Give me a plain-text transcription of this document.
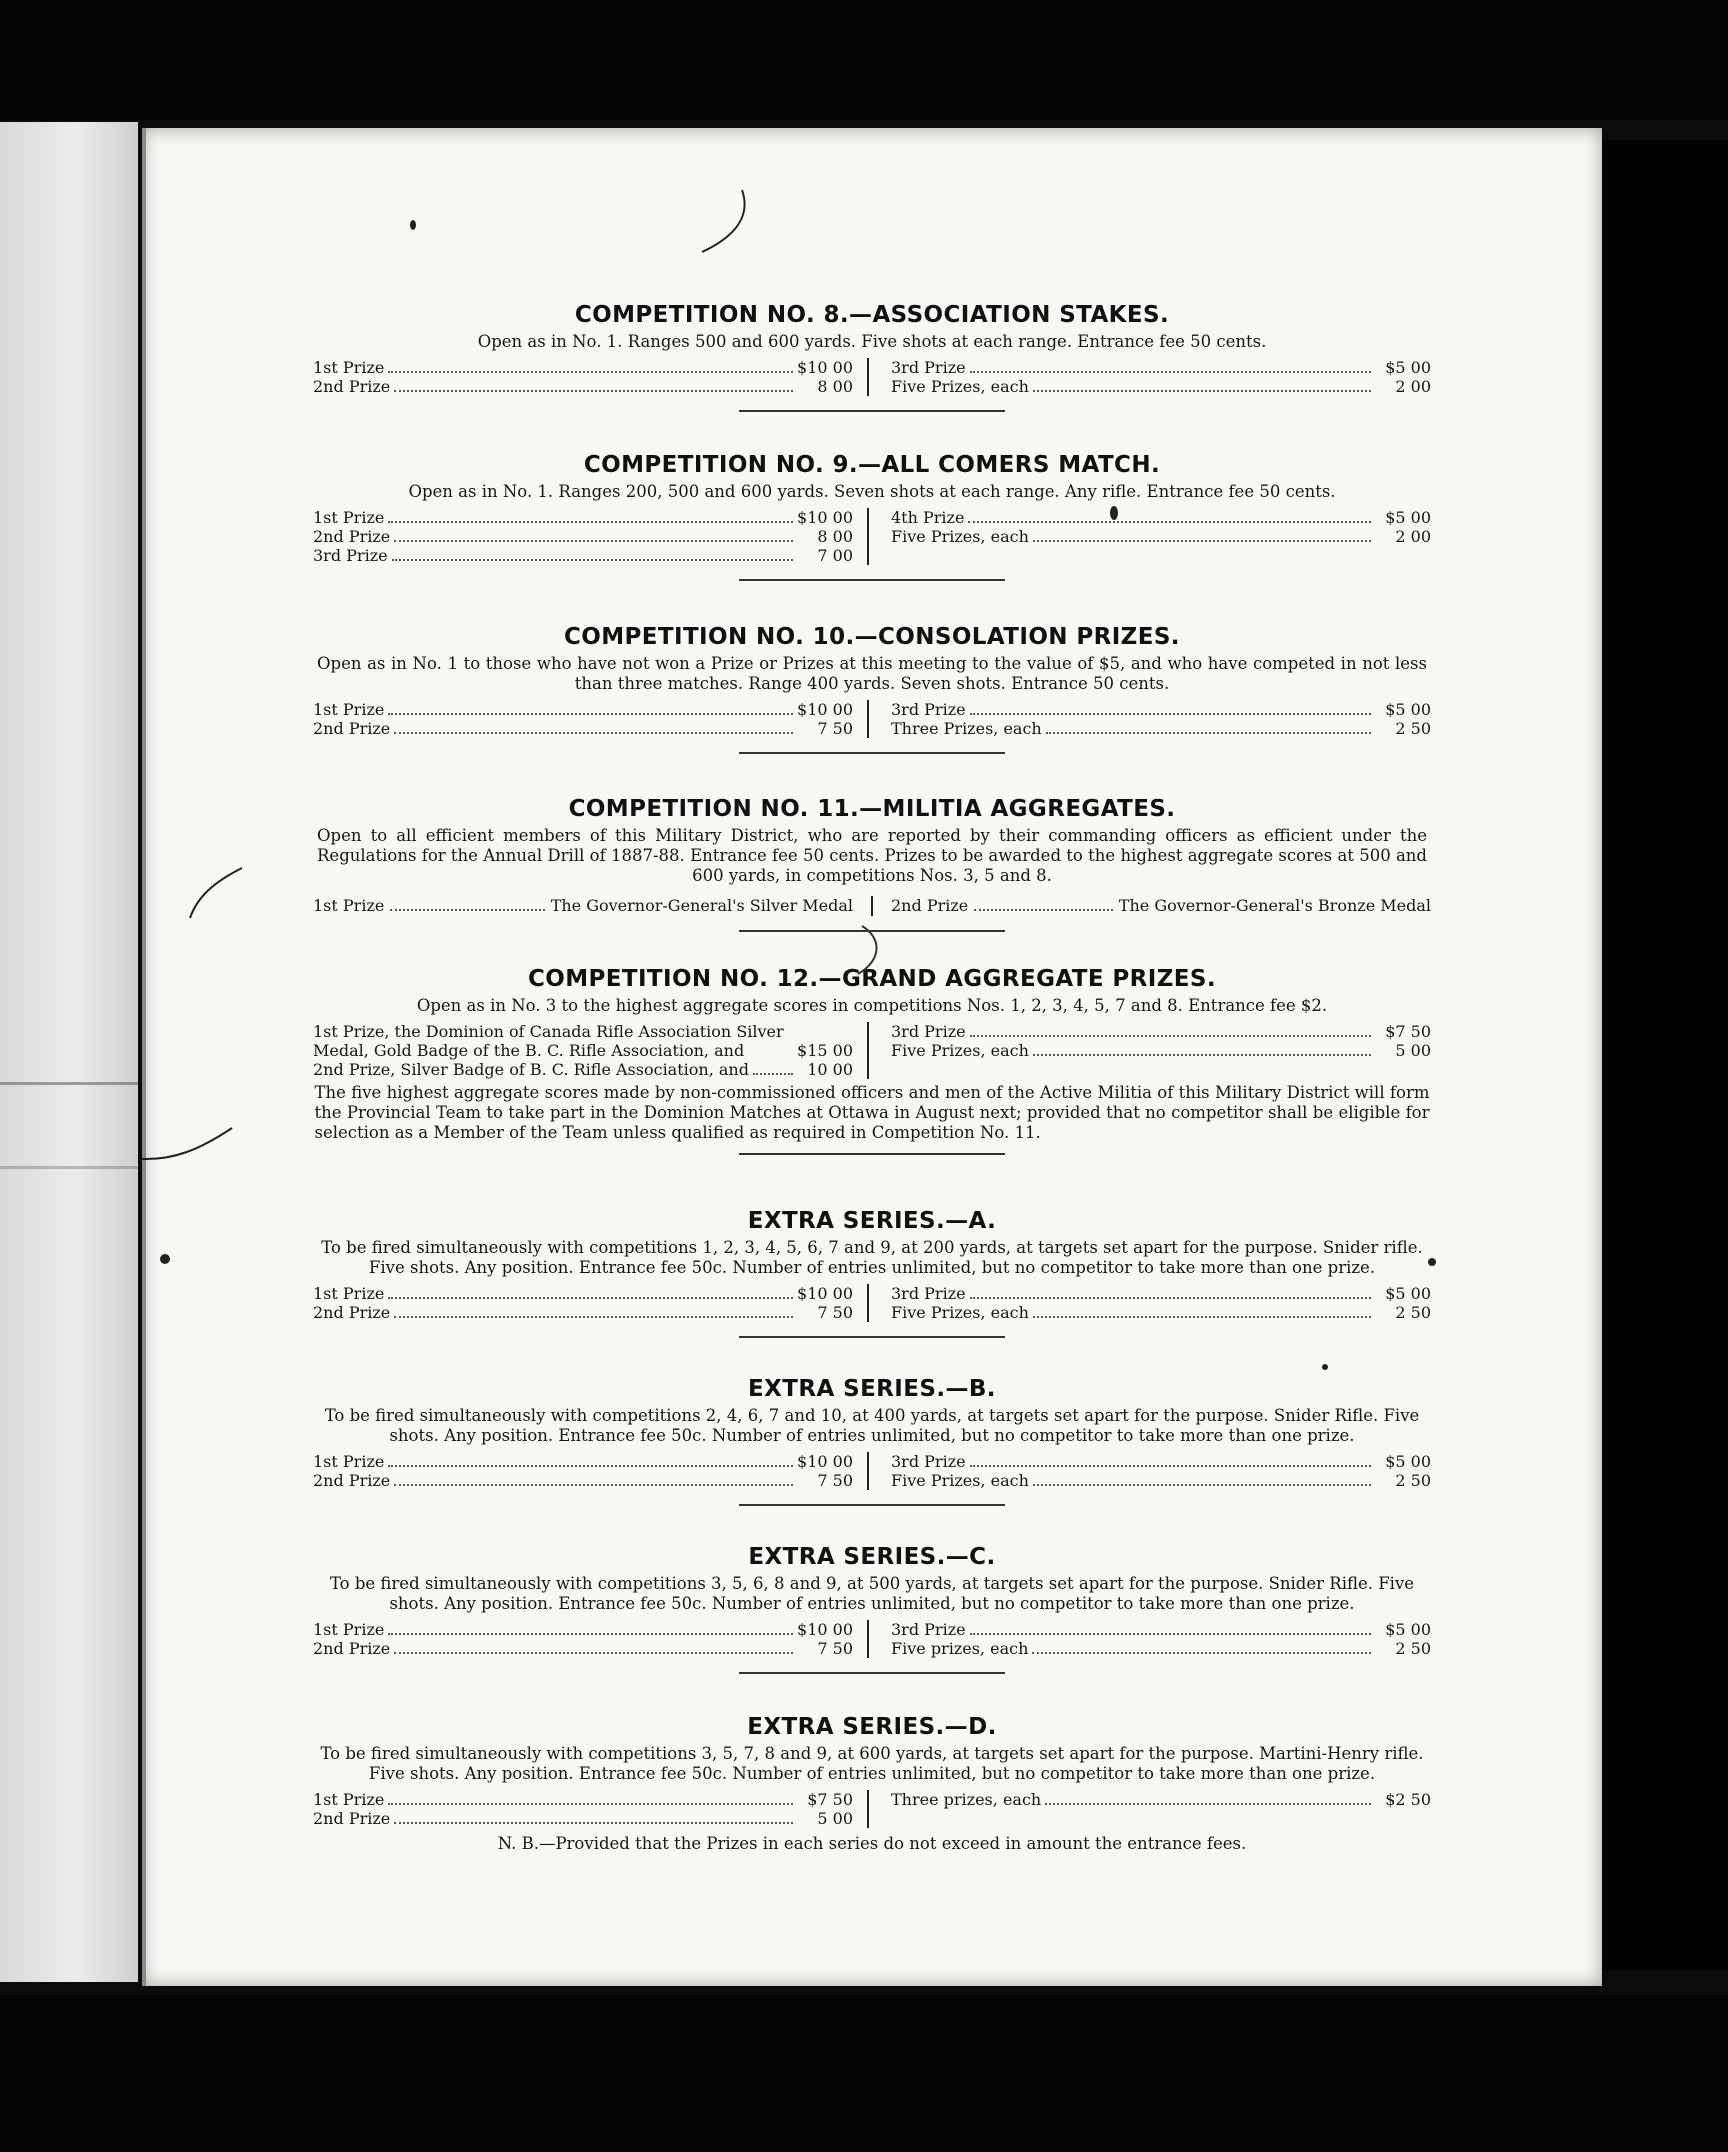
COMPETITION NO. 8.—ASSOCIATION STAKES.
Open as in No. 1. Ranges 500 and 600 yards. Five shots at each range. Entrance fee 50 cents.
1st Prize	$10 00
2nd Prize	8 00
3rd Prize	$5 00
Five Prizes, each	2 00
COMPETITION NO. 9.—ALL COMERS MATCH.
Open as in No. 1. Ranges 200, 500 and 600 yards. Seven shots at each range. Any rifle. Entrance fee 50 cents.
1st Prize	$10 00
2nd Prize	8 00
3rd Prize	7 00
4th Prize	$5 00
Five Prizes, each	2 00
COMPETITION NO. 10.—CONSOLATION PRIZES.
Open as in No. 1 to those who have not won a Prize or Prizes at this meeting to the value of $5, and who have competed in not less than three matches. Range 400 yards. Seven shots. Entrance 50 cents.
1st Prize	$10 00
2nd Prize	7 50
3rd Prize	$5 00
Three Prizes, each	2 50
COMPETITION NO. 11.—MILITIA AGGREGATES.
Open to all efficient members of this Military District, who are reported by their commanding officers as efficient under the Regulations for the Annual Drill of 1887-88. Entrance fee 50 cents. Prizes to be awarded to the highest aggregate scores at 500 and 600 yards, in competitions Nos. 3, 5 and 8.
1st Prize	The Governor-General's Silver Medal 2nd Prize	The Governor-General's Bronze Medal
COMPETITION NO. 12.—GRAND AGGREGATE PRIZES.
Open as in No. 3 to the highest aggregate scores in competitions Nos. 1, 2, 3, 4, 5, 7 and 8. Entrance fee $2.
1st Prize, the Dominion of Canada Rifle Association Silver Medal, Gold Badge of the B. C. Rifle Association, and	$15 00
2nd Prize, Silver Badge of B. C. Rifle Association, and	10 00
3rd Prize	$7 50
Five Prizes, each	5 00
The five highest aggregate scores made by non-commissioned officers and men of the Active Militia of this Military District will form the Provincial Team to take part in the Dominion Matches at Ottawa in August next; provided that no competitor shall be eligible for selection as a Member of the Team unless qualified as required in Competition No. 11.
EXTRA SERIES.—A.
To be fired simultaneously with competitions 1, 2, 3, 4, 5, 6, 7 and 9, at 200 yards, at targets set apart for the purpose. Snider rifle. Five shots. Any position. Entrance fee 50c. Number of entries unlimited, but no competitor to take more than one prize.
1st Prize	$10 00
2nd Prize	7 50
3rd Prize	$5 00
Five Prizes, each	2 50
EXTRA SERIES.—B.
To be fired simultaneously with competitions 2, 4, 6, 7 and 10, at 400 yards, at targets set apart for the purpose. Snider Rifle. Five shots. Any position. Entrance fee 50c. Number of entries unlimited, but no competitor to take more than one prize.
1st Prize	$10 00
2nd Prize	7 50
3rd Prize	$5 00
Five Prizes, each	2 50
EXTRA SERIES.—C.
To be fired simultaneously with competitions 3, 5, 6, 8 and 9, at 500 yards, at targets set apart for the purpose. Snider Rifle. Five shots. Any position. Entrance fee 50c. Number of entries unlimited, but no competitor to take more than one prize.
1st Prize	$10 00
2nd Prize	7 50
3rd Prize	$5 00
Five prizes, each	2 50
EXTRA SERIES.—D.
To be fired simultaneously with competitions 3, 5, 7, 8 and 9, at 600 yards, at targets set apart for the purpose. Martini-Henry rifle. Five shots. Any position. Entrance fee 50c. Number of entries unlimited, but no competitor to take more than one prize.
1st Prize	$7 50
2nd Prize	5 00
Three prizes, each	$2 50
N. B.—Provided that the Prizes in each series do not exceed in amount the entrance fees.
